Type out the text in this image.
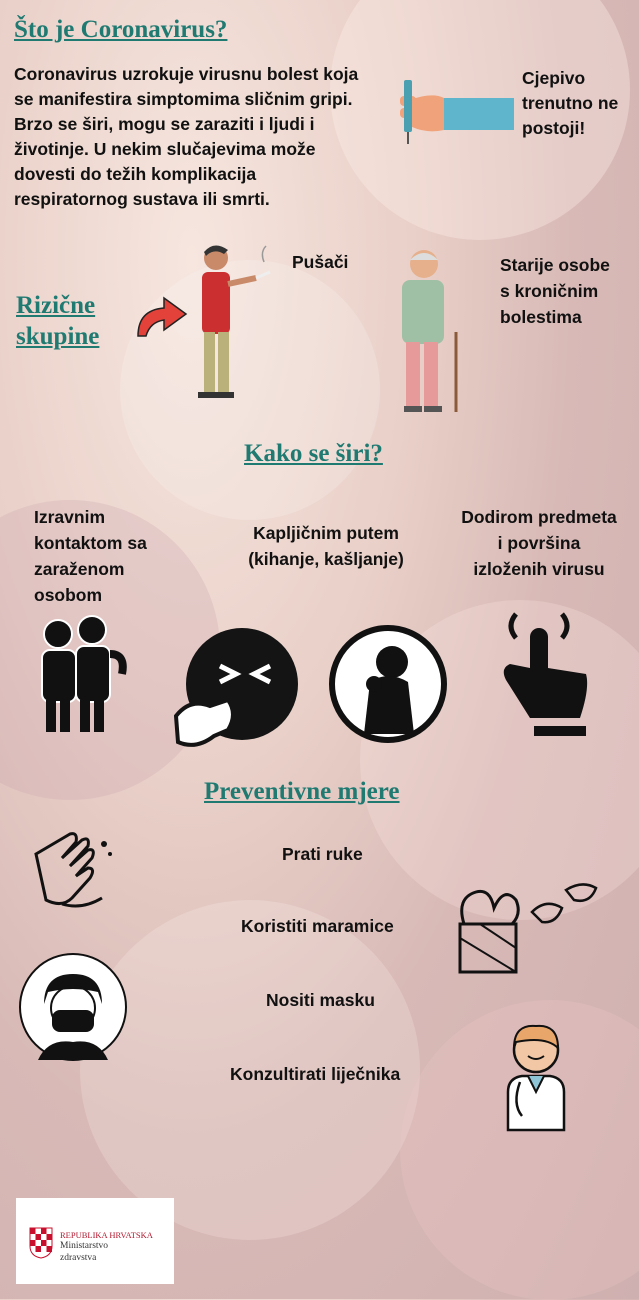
Što je Coronavirus?

Coronavirus uzrokuje virusnu bolest koja se manifestira simptomima sličnim gripi. Brzo se širi, mogu se zaraziti i ljudi i životinje. U nekim slučajevima može dovesti do težih komplikacija respiratornog sustava ili smrti.

Cjepivo trenutno ne postoji!

Rizične skupine

Pušači	Starije osobe s kroničnim bolestima

Kako se širi?

Izravnim kontaktom sa zaraženom osobom

Kapljičnim putem (kihanje, kašljanje)

Dodirom predmeta i površina izloženih virusu

Preventivne mjere

Prati ruke

Koristiti maramice

Nositi masku

Konzultirati liječnika

REPUBLIKA HRVATSKA
Ministarstvo
zdravstva
